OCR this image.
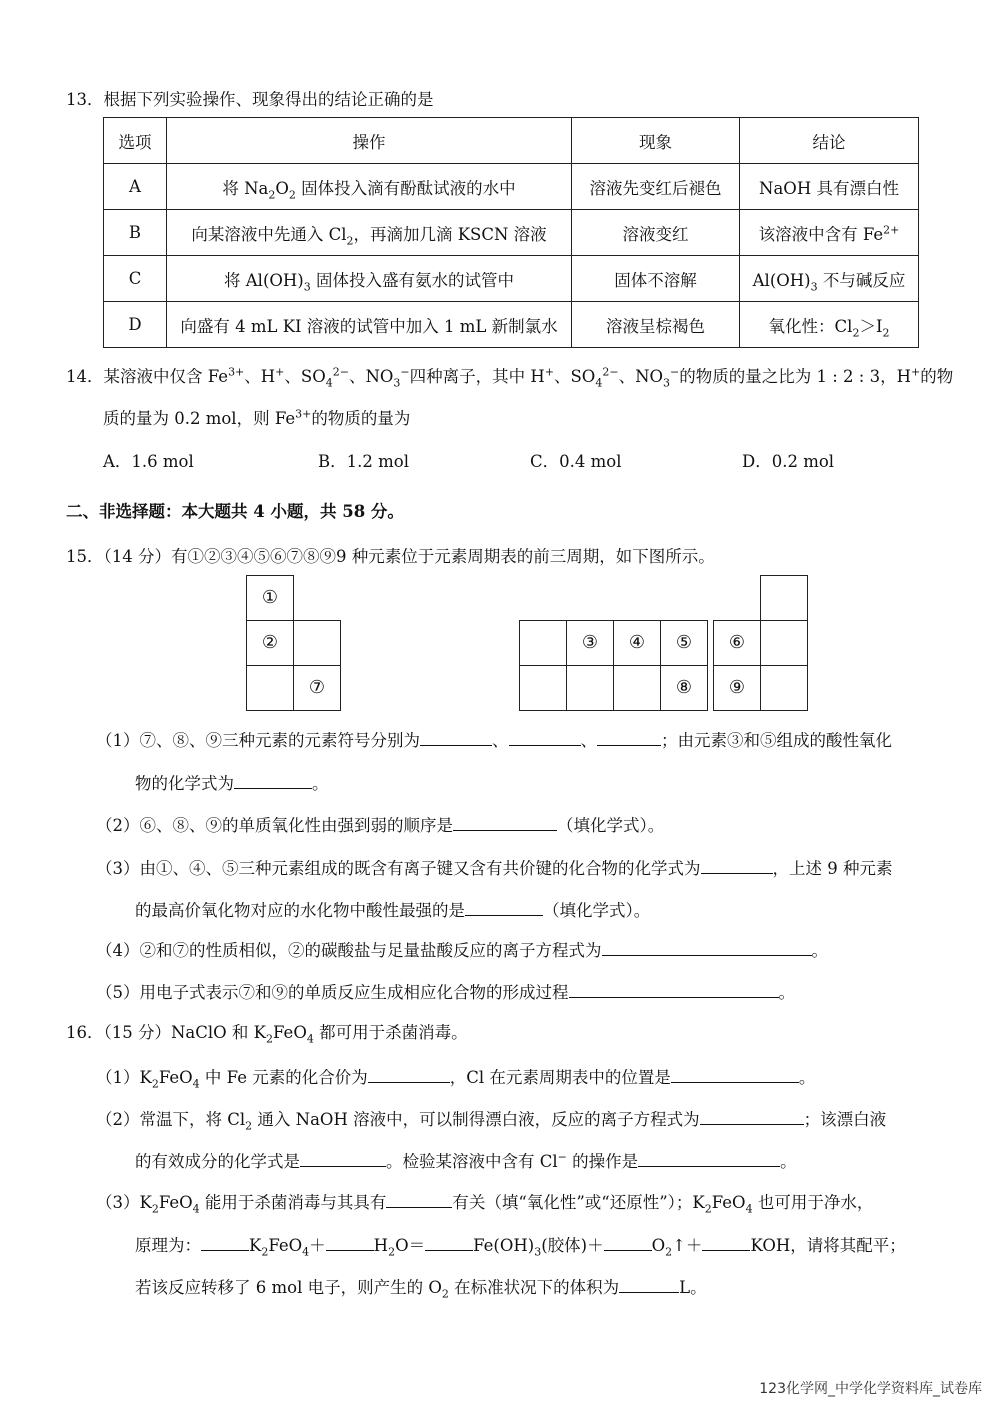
13．根据下列实验操作、现象得出的结论正确的是
选项	操作	现象	结论
A	将 $Na_2O_2$ 固体投入滴有酚酞试液的水中	溶液先变红后褪色	NaOH 具有漂白性
B	向某溶液中先通入 $Cl_2$，再滴加几滴 KSCN 溶液	溶液变红	该溶液中含有 $Fe^{2+}$
C	将 $Al(OH)_3$ 固体投入盛有氨水的试管中	固体不溶解	$Al(OH)_3$ 不与碱反应
D	向盛有 4 mL KI 溶液的试管中加入 1 mL 新制氯水	溶液呈棕褐色	氧化性：$Cl_2>I_2$
14．某溶液中仅含 $Fe^{3+}$、H+、$SO_4^{2-}$、$NO_3^-$四种离子，其中 H+、$SO_4^{2-}$、$NO_3^-$的物质的量之比为 1 : 2 : 3，H+的物
质的量为 0.2 mol，则 $Fe^{3+}$的物质的量为
A．1.6 mol	B．1.2 mol	C．0.4 mol	D．0.2 mol
二、非选择题：本大题共 4 小题，共 58 分。
15．（14 分）有①②③④⑤⑥⑦⑧⑨9 种元素位于元素周期表的前三周期，如下图所示。
①
②
⑦
③	④	⑤	⑥
⑧	⑨
（1）⑦、⑧、⑨三种元素的元素符号分别为	、	、	；由元素③和⑤组成的酸性氧化
物的化学式为	。
（2）⑥、⑧、⑨的单质氧化性由强到弱的顺序是	（填化学式）。
（3）由①、④、⑤三种元素组成的既含有离子键又含有共价键的化合物的化学式为	，上述 9 种元素
的最高价氧化物对应的水化物中酸性最强的是	（填化学式）。
（4）②和⑦的性质相似，②的碳酸盐与足量盐酸反应的离子方程式为	。
（5）用电子式表示⑦和⑨的单质反应生成相应化合物的形成过程	。
16．（15 分）NaClO 和 $K_2FeO_4$ 都可用于杀菌消毒。
$(1)K_2FeO_4$ 中 Fe 元素的化合价为	，Cl 在元素周期表中的位置是	。
（2）常温下，将 $Cl_2$ 通入 NaOH 溶液中，可以制得漂白液，反应的离子方程式为	；该漂白液
的有效成分的化学式是	。检验某溶液中含有 Cl− 的操作是	。
$(3)K_2FeO_4$ 能用于杀菌消毒与其具有	有关（填“氧化性”或“还原性”）；$K_2FeO_4$ 也可用于净水，
原理为：	$K_2FeO_4+$	$H_2O=$	$Fe(OH)_3$(胶体)＋	$O_2↑+$	KOH，请将其配平；
若该反应转移了 6 mol 电子，则产生的 $O_2$ 在标准状况下的体积为	L。
123化学网_中学化学资料库_试卷库
